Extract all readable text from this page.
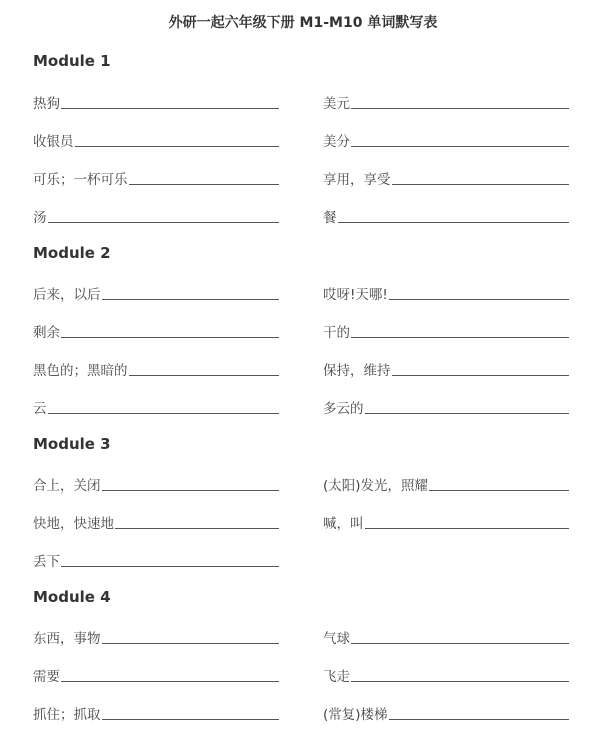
外研一起六年级下册 M1-M10 单词默写表
Module 1
热狗	美元
收银员	美分
可乐；一杯可乐	享用，享受
汤	餐
Module 2
后来，以后	哎呀!天哪!
剩余	干的
黑色的；黑暗的	保持，维持
云	多云的
Module 3
合上，关闭	(太阳)发光，照耀
快地，快速地	喊，叫
丢下
Module 4
东西，事物	气球
需要	飞走
抓住；抓取	(常复)楼梯
